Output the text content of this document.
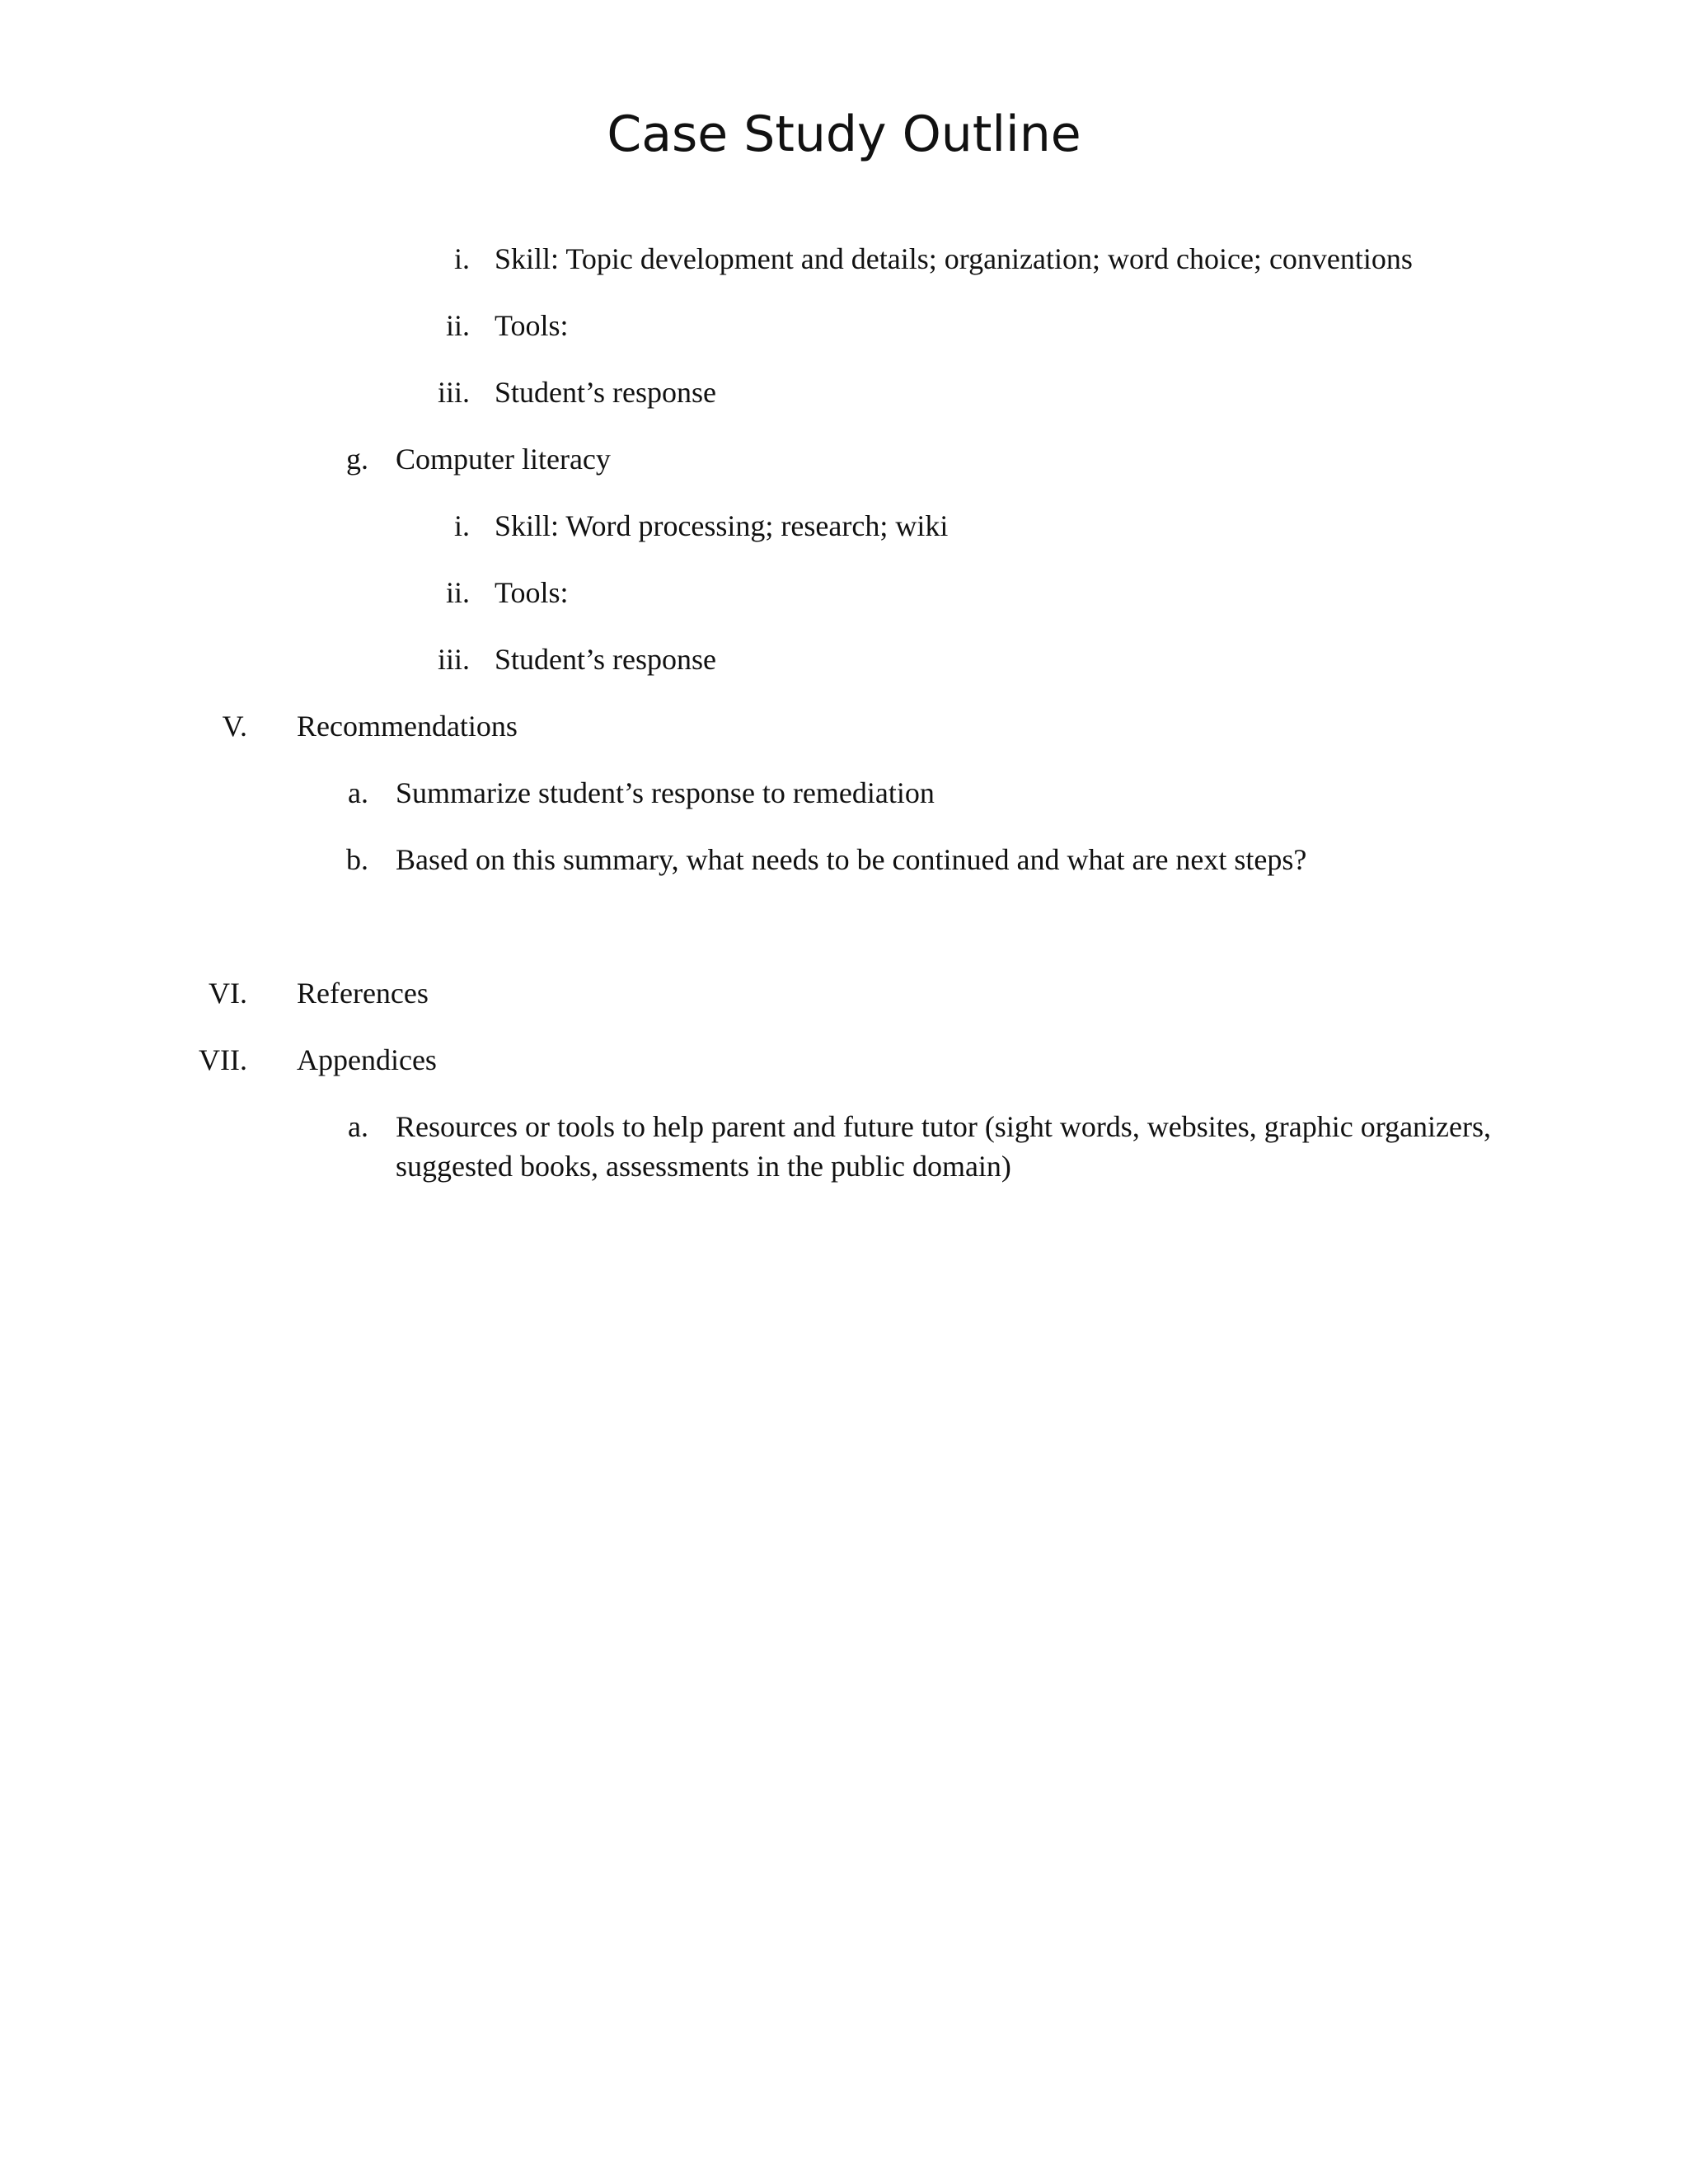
Case Study Outline
i. Skill: Topic development and details; organization; word choice; conventions
ii. Tools:
iii. Student’s response
g. Computer literacy
i. Skill: Word processing; research; wiki
ii. Tools:
iii. Student’s response
V. Recommendations
a. Summarize student’s response to remediation
b. Based on this summary, what needs to be continued and what are next steps?
VI. References
VII. Appendices
a. Resources or tools to help parent and future tutor (sight words, websites, graphic organizers, suggested books, assessments in the public domain)
